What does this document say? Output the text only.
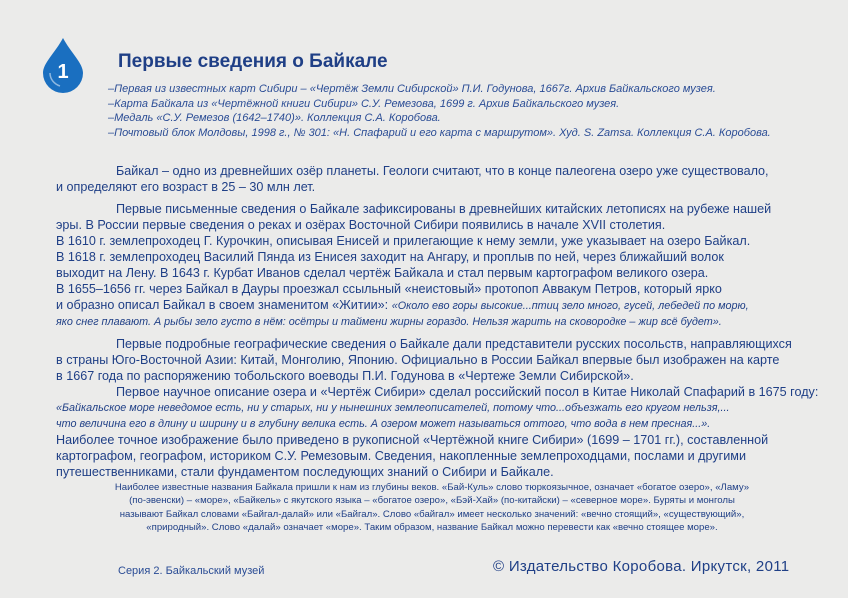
1	Первые сведения о Байкале
–Первая из известных карт Сибири – «Чертёж Земли Сибирской» П.И. Годунова, 1667г. Архив Байкальского музея.
–Карта Байкала из «Чертёжной книги Сибири» С.У. Ремезова, 1699 г. Архив Байкальского музея.
–Медаль «С.У. Ремезов (1642–1740)». Коллекция С.А. Коробова.
–Почтовый блок Молдовы, 1998 г., № 301: «Н. Спафарий и его карта с маршрутом». Худ. S. Zamsa. Коллекция С.А. Коробова.

Байкал – одно из древнейших озёр планеты. Геологи считают, что в конце палеогена озеро уже существовало,

и определяют его возраст в 25 – 30 млн лет.

Первые письменные сведения о Байкале зафиксированы в древнейших китайских летописях на рубеже нашей

эры. В России первые сведения о реках и озёрах Восточной Сибири появились в начале XVII столетия.

В 1610 г. землепроходец Г. Курочкин, описывая Енисей и прилегающие к нему земли, уже указывает на озеро Байкал.

В 1618 г. землепроходец Василий Пянда из Енисея заходит на Ангару, и проплыв по ней, через ближайший волок

выходит на Лену. В 1643 г. Курбат Иванов сделал чертёж Байкала и стал первым картографом великого озера.

В 1655–1656 гг. через Байкал в Дауры проезжал ссыльный «неистовый» протопоп Аввакум Петров, который ярко

и образно описал Байкал в своем знаменитом «Житии»: «Около ево горы высокие...птиц зело много, гусей, лебедей по морю,

яко снег плавают. А рыбы зело густо в нём: осётры и таймени жирны гораздо. Нельзя жарить на сковородке – жир всё будет».

Первые подробные географические сведения о Байкале дали представители русских посольств, направляющихся

в страны Юго-Восточной Азии: Китай, Монголию, Японию. Официально в России Байкал впервые был изображен на карте

в 1667 года по распоряжению тобольского воеводы П.И. Годунова в «Чертеже Земли Сибирской».

Первое научное описание озера и «Чертёж Сибири» сделал российский посол в Китае Николай Спафарий в 1675 году:

«Байкальское море неведомое есть, ни у старых, ни у нынешних землеописателей, потому что...объезжать его кругом нельзя,...

что величина его в длину и ширину и в глубину велика есть. А озером может называться оттого, что вода в нем пресная...».

Наиболее точное изображение было приведено в рукописной «Чертёжной книге Сибири» (1699 – 1701 гг.), составленной

картографом, географом, историком С.У. Ремезовым. Сведения, накопленные землепроходцами, послами и другими

путешественниками, стали фундаментом последующих знаний о Сибири и Байкале.

Наиболее известные названия Байкала пришли к нам из глубины веков. «Бай-Куль» слово тюркоязычное, означает «богатое озеро», «Ламу»

(по-эвенски) – «море», «Байкель» с якутского языка – «богатое озеро», «Бэй-Хай» (по-китайски) – «северное море». Буряты и монголы

называют Байкал словами «Байгал-далай» или «Байгал». Слово «байгал» имеет несколько значений: «вечно стоящий», «существующий»,

«природный». Слово «далай» означает «море». Таким образом, название Байкал можно перевести как «вечно стоящее море».

Серия 2. Байкальский музей	© Издательство Коробова. Иркутск, 2011
